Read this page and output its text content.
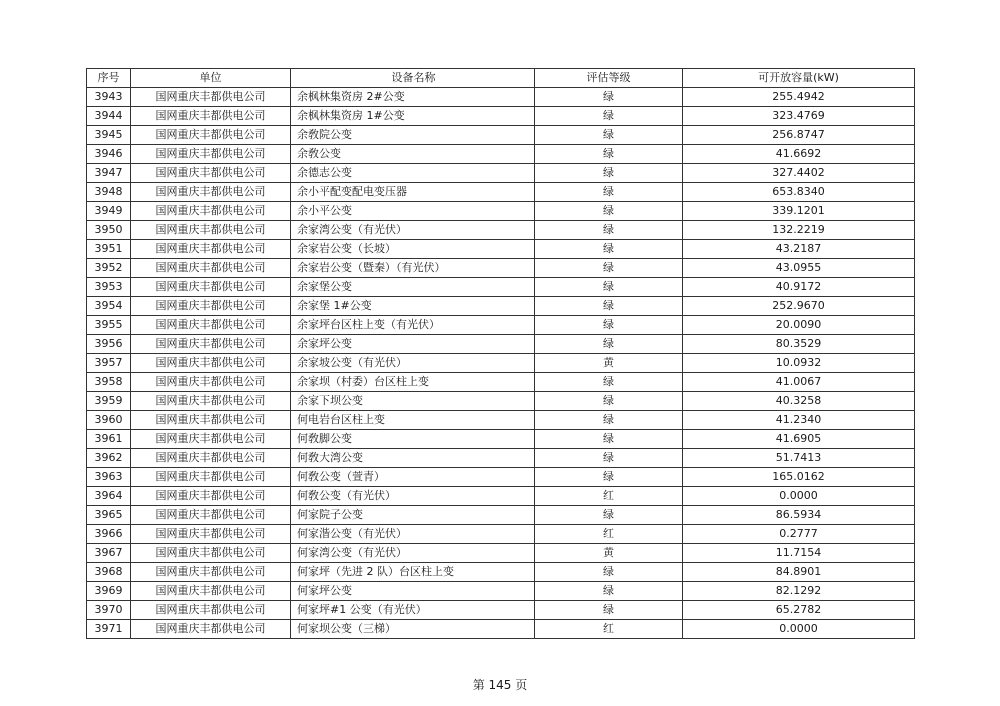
序号	单位	设备名称	评估等级	可开放容量(kW)
3943	国网重庆丰都供电公司	余枫林集资房 2#公变	绿	255.4942
3944	国网重庆丰都供电公司	余枫林集资房 1#公变	绿	323.4769
3945	国网重庆丰都供电公司	余敎院公变	绿	256.8747
3946	国网重庆丰都供电公司	余敎公变	绿	41.6692
3947	国网重庆丰都供电公司	余德志公变	绿	327.4402
3948	国网重庆丰都供电公司	余小平配变配电变压器	绿	653.8340
3949	国网重庆丰都供电公司	余小平公变	绿	339.1201
3950	国网重庆丰都供电公司	余家湾公变（有光伏）	绿	132.2219
3951	国网重庆丰都供电公司	余家岩公变（长坡）	绿	43.2187
3952	国网重庆丰都供电公司	余家岩公变（暨秦）（有光伏）	绿	43.0955
3953	国网重庆丰都供电公司	余家堡公变	绿	40.9172
3954	国网重庆丰都供电公司	余家堡 1#公变	绿	252.9670
3955	国网重庆丰都供电公司	余家坪台区柱上变（有光伏）	绿	20.0090
3956	国网重庆丰都供电公司	余家坪公变	绿	80.3529
3957	国网重庆丰都供电公司	余家坡公变（有光伏）	黄	10.0932
3958	国网重庆丰都供电公司	余家坝（村委）台区柱上变	绿	41.0067
3959	国网重庆丰都供电公司	余家下坝公变	绿	40.3258
3960	国网重庆丰都供电公司	何电岩台区柱上变	绿	41.2340
3961	国网重庆丰都供电公司	何敎脚公变	绿	41.6905
3962	国网重庆丰都供电公司	何敎大湾公变	绿	51.7413
3963	国网重庆丰都供电公司	何敎公变（萱青）	绿	165.0162
3964	国网重庆丰都供电公司	何敎公变（有光伏）	红	0.0000
3965	国网重庆丰都供电公司	何家院子公变	绿	86.5934
3966	国网重庆丰都供电公司	何家湝公变（有光伏）	红	0.2777
3967	国网重庆丰都供电公司	何家湾公变（有光伏）	黄	11.7154
3968	国网重庆丰都供电公司	何家坪（先进 2 队）台区柱上变	绿	84.8901
3969	国网重庆丰都供电公司	何家坪公变	绿	82.1292
3970	国网重庆丰都供电公司	何家坪#1 公变（有光伏）	绿	65.2782
3971	国网重庆丰都供电公司	何家坝公变（三梯）	红	0.0000
第 145 页
